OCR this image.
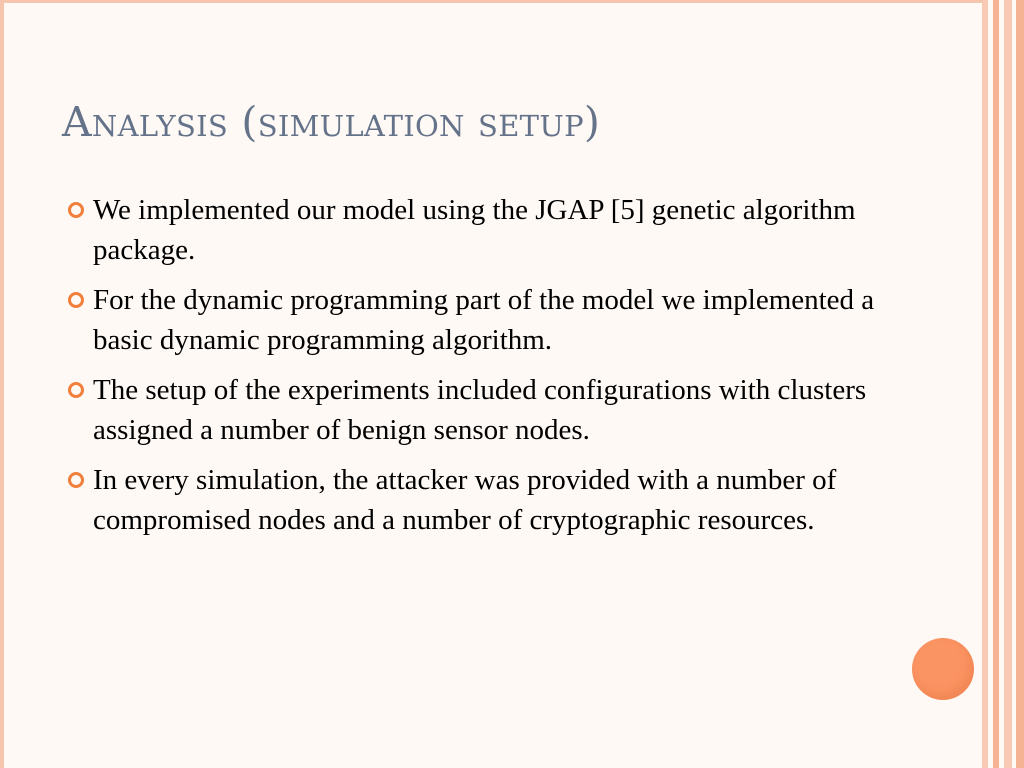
Analysis (simulation setup)
We implemented our model using the JGAP [5] genetic algorithm package.
For the dynamic programming part of the model we implemented a basic dynamic programming algorithm.
The setup of the experiments included configurations with clusters assigned a number of benign sensor nodes.
In every simulation, the attacker was provided with a number of compromised nodes and a number of cryptographic resources.
